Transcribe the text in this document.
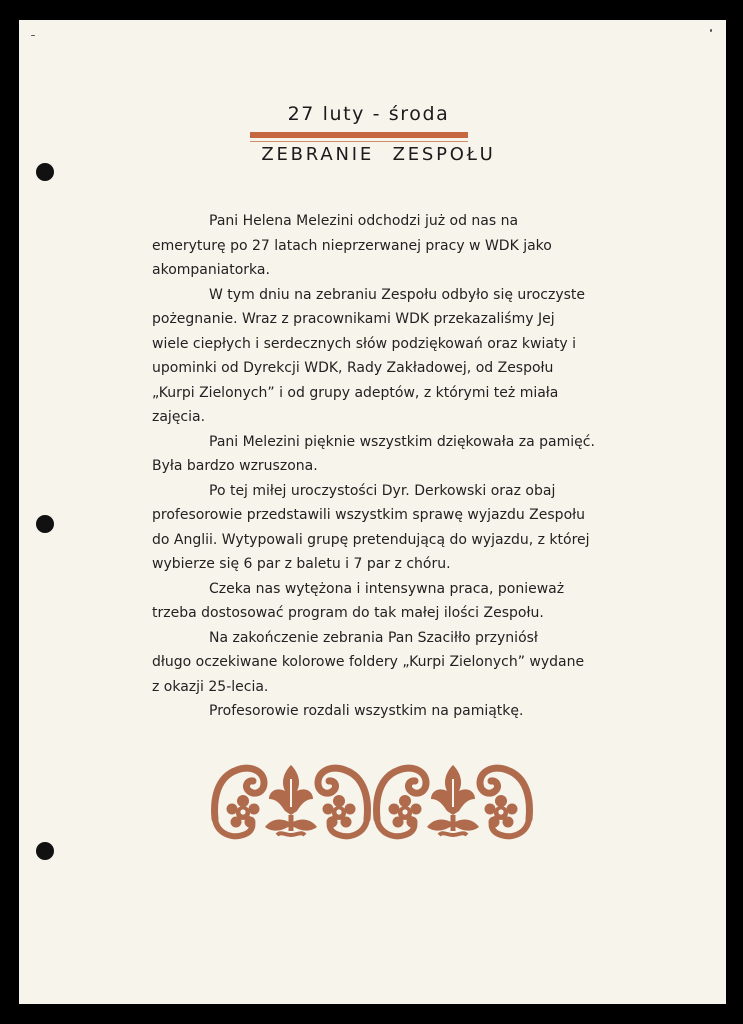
27 luty - środa
ZEBRANIE ZESPOŁU
Pani Helena Melezini odchodzi już od nas na
emeryturę po 27 latach nieprzerwanej pracy w WDK jako
akompaniatorka.
W tym dniu na zebraniu Zespołu odbyło się uroczyste
pożegnanie. Wraz z pracownikami WDK przekazaliśmy Jej
wiele ciepłych i serdecznych słów podziękowań oraz kwiaty i
upominki od Dyrekcji WDK, Rady Zakładowej, od Zespołu
„Kurpi Zielonych” i od grupy adeptów, z którymi też miała
zajęcia.
Pani Melezini pięknie wszystkim dziękowała za pamięć.
Była bardzo wzruszona.
Po tej miłej uroczystości Dyr. Derkowski oraz obaj
profesorowie przedstawili wszystkim sprawę wyjazdu Zespołu
do Anglii. Wytypowali grupę pretendującą do wyjazdu, z której
wybierze się 6 par z baletu i 7 par z chóru.
Czeka nas wytężona i intensywna praca, ponieważ
trzeba dostosować program do tak małej ilości Zespołu.
Na zakończenie zebrania Pan Szaciłło przyniósł
długo oczekiwane kolorowe foldery „Kurpi Zielonych” wydane
z okazji 25-lecia.
Profesorowie rozdali wszystkim na pamiątkę.
